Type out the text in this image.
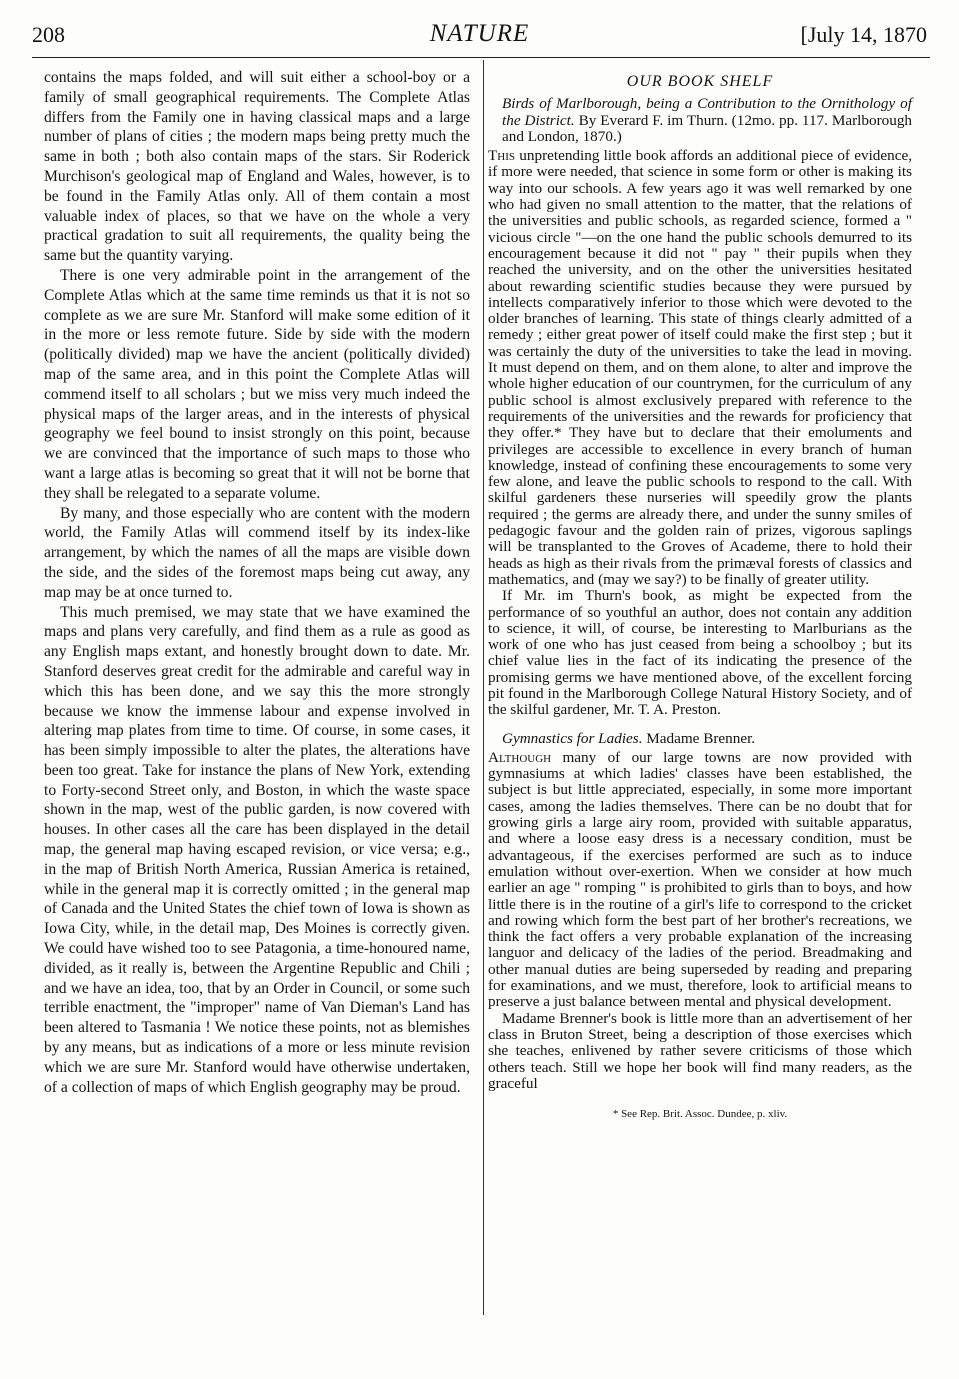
208	NATURE	[July 14, 1870

contains the maps folded, and will suit either a school-boy or a family of small geographical requirements. The Complete Atlas differs from the Family one in having classical maps and a large number of plans of cities ; the modern maps being pretty much the same in both ; both also contain maps of the stars. Sir Roderick Murchison's geological map of England and Wales, however, is to be found in the Family Atlas only. All of them contain a most valuable index of places, so that we have on the whole a very practical gradation to suit all requirements, the quality being the same but the quantity varying.

There is one very admirable point in the arrangement of the Complete Atlas which at the same time reminds us that it is not so complete as we are sure Mr. Stanford will make some edition of it in the more or less remote future. Side by side with the modern (politically divided) map we have the ancient (politically divided) map of the same area, and in this point the Complete Atlas will commend itself to all scholars ; but we miss very much indeed the physical maps of the larger areas, and in the interests of physical geography we feel bound to insist strongly on this point, because we are convinced that the importance of such maps to those who want a large atlas is becoming so great that it will not be borne that they shall be relegated to a separate volume.

By many, and those especially who are content with the modern world, the Family Atlas will commend itself by its index-like arrangement, by which the names of all the maps are visible down the side, and the sides of the foremost maps being cut away, any map may be at once turned to.

This much premised, we may state that we have examined the maps and plans very carefully, and find them as a rule as good as any English maps extant, and honestly brought down to date. Mr. Stanford deserves great credit for the admirable and careful way in which this has been done, and we say this the more strongly because we know the immense labour and expense involved in altering map plates from time to time. Of course, in some cases, it has been simply impossible to alter the plates, the alterations have been too great. Take for instance the plans of New York, extending to Forty-second Street only, and Boston, in which the waste space shown in the map, west of the public garden, is now covered with houses. In other cases all the care has been displayed in the detail map, the general map having escaped revision, or vice versa; e.g., in the map of British North America, Russian America is retained, while in the general map it is correctly omitted ; in the general map of Canada and the United States the chief town of Iowa is shown as Iowa City, while, in the detail map, Des Moines is correctly given. We could have wished too to see Patagonia, a time-honoured name, divided, as it really is, between the Argentine Republic and Chili ; and we have an idea, too, that by an Order in Council, or some such terrible enactment, the "improper" name of Van Dieman's Land has been altered to Tasmania ! We notice these points, not as blemishes by any means, but as indications of a more or less minute revision which we are sure Mr. Stanford would have otherwise undertaken, of a collection of maps of which English geography may be proud.

OUR BOOK SHELF

Birds of Marlborough, being a Contribution to the Ornithology of the District. By Everard F. im Thurn. (12mo. pp. 117. Marlborough and London, 1870.)

This unpretending little book affords an additional piece of evidence, if more were needed, that science in some form or other is making its way into our schools. A few years ago it was well remarked by one who had given no small attention to the matter, that the relations of the universities and public schools, as regarded science, formed a " vicious circle "—on the one hand the public schools demurred to its encouragement because it did not " pay " their pupils when they reached the university, and on the other the universities hesitated about rewarding scientific studies because they were pursued by intellects comparatively inferior to those which were devoted to the older branches of learning. This state of things clearly admitted of a remedy ; either great power of itself could make the first step ; but it was certainly the duty of the universities to take the lead in moving. It must depend on them, and on them alone, to alter and improve the whole higher education of our countrymen, for the curriculum of any public school is almost exclusively prepared with reference to the requirements of the universities and the rewards for proficiency that they offer.* They have but to declare that their emoluments and privileges are accessible to excellence in every branch of human knowledge, instead of confining these encouragements to some very few alone, and leave the public schools to respond to the call. With skilful gardeners these nurseries will speedily grow the plants required ; the germs are already there, and under the sunny smiles of pedagogic favour and the golden rain of prizes, vigorous saplings will be transplanted to the Groves of Academe, there to hold their heads as high as their rivals from the primæval forests of classics and mathematics, and (may we say?) to be finally of greater utility.

If Mr. im Thurn's book, as might be expected from the performance of so youthful an author, does not contain any addition to science, it will, of course, be interesting to Marlburians as the work of one who has just ceased from being a schoolboy ; but its chief value lies in the fact of its indicating the presence of the promising germs we have mentioned above, of the excellent forcing pit found in the Marlborough College Natural History Society, and of the skilful gardener, Mr. T. A. Preston.

Gymnastics for Ladies. Madame Brenner.

Although many of our large towns are now provided with gymnasiums at which ladies' classes have been established, the subject is but little appreciated, especially, in some more important cases, among the ladies themselves. There can be no doubt that for growing girls a large airy room, provided with suitable apparatus, and where a loose easy dress is a necessary condition, must be advantageous, if the exercises performed are such as to induce emulation without over-exertion. When we consider at how much earlier an age " romping " is prohibited to girls than to boys, and how little there is in the routine of a girl's life to correspond to the cricket and rowing which form the best part of her brother's recreations, we think the fact offers a very probable explanation of the increasing languor and delicacy of the ladies of the period. Breadmaking and other manual duties are being superseded by reading and preparing for examinations, and we must, therefore, look to artificial means to preserve a just balance between mental and physical development.

Madame Brenner's book is little more than an advertisement of her class in Bruton Street, being a description of those exercises which she teaches, enlivened by rather severe criticisms of those which others teach. Still we hope her book will find many readers, as the graceful

* See Rep. Brit. Assoc. Dundee, p. xliv.
